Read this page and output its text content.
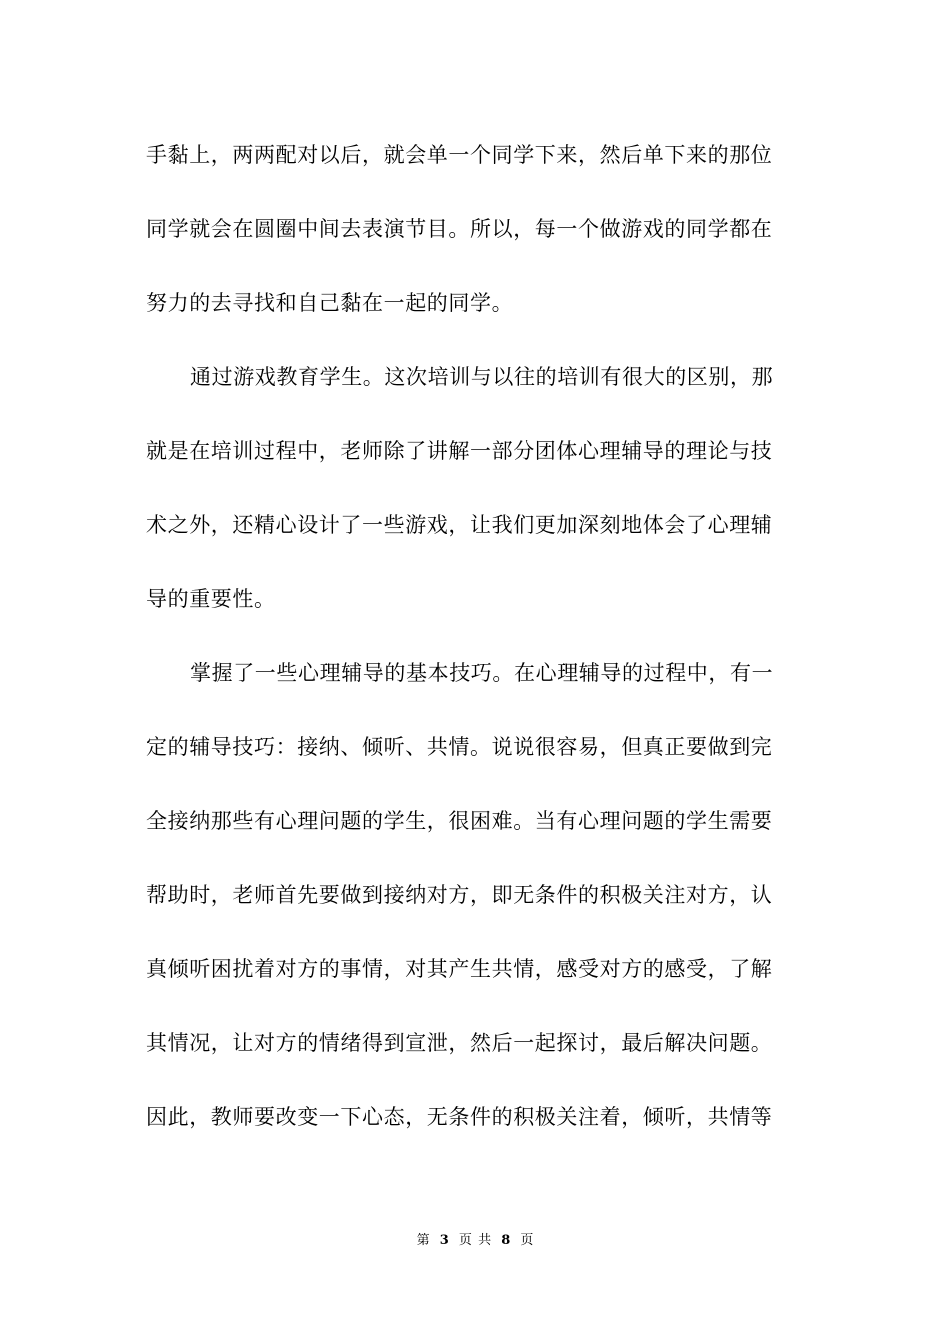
手黏上，两两配对以后，就会单一个同学下来，然后单下来的那位
同学就会在圆圈中间去表演节目。所以，每一个做游戏的同学都在
努力的去寻找和自己黏在一起的同学。
通过游戏教育学生。这次培训与以往的培训有很大的区别，那
就是在培训过程中，老师除了讲解一部分团体心理辅导的理论与技
术之外，还精心设计了一些游戏，让我们更加深刻地体会了心理辅
导的重要性。
掌握了一些心理辅导的基本技巧。在心理辅导的过程中，有一
定的辅导技巧：接纳、倾听、共情。说说很容易，但真正要做到完
全接纳那些有心理问题的学生，很困难。当有心理问题的学生需要
帮助时，老师首先要做到接纳对方，即无条件的积极关注对方，认
真倾听困扰着对方的事情，对其产生共情，感受对方的感受，了解
其情况，让对方的情绪得到宣泄，然后一起探讨，最后解决问题。
因此，教师要改变一下心态，无条件的积极关注着，倾听，共情等
第 3 页 共 8 页
